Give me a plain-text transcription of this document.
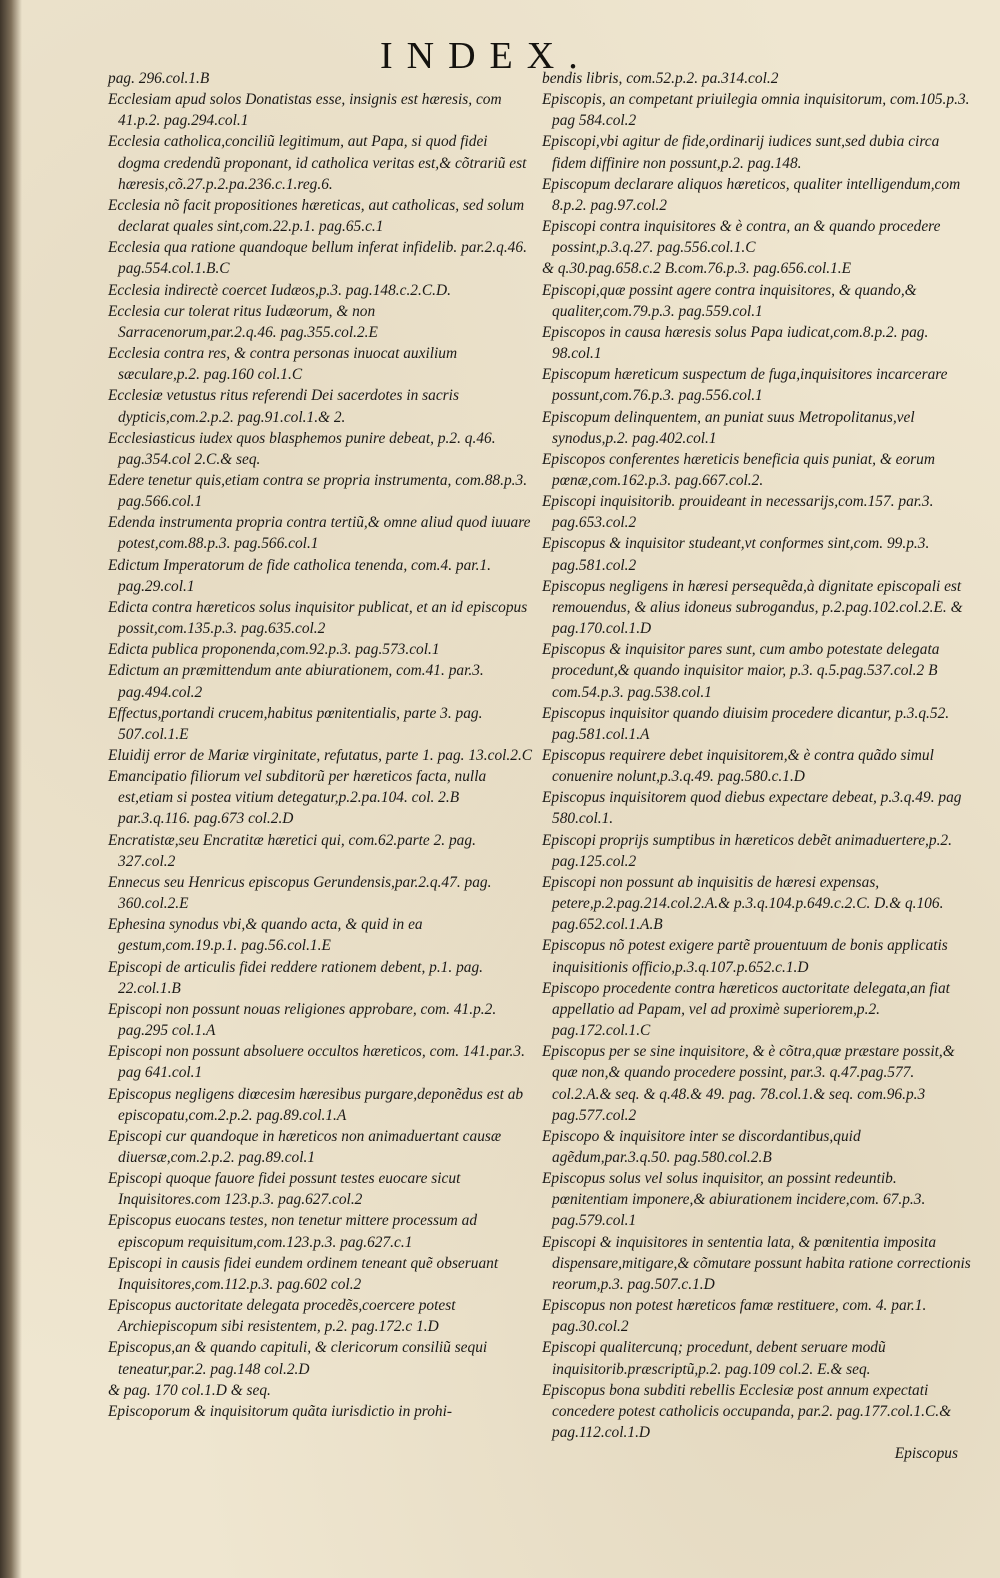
INDEX.

pag. 296.col.1.B

Ecclesiam apud solos Donatistas esse, insignis est hæresis, com 41.p.2. pag.294.col.1

Ecclesia catholica,conciliũ legitimum, aut Papa, si quod fidei dogma credendũ proponant, id catholica veritas est,& cõtrariũ est hæresis,cõ.27.p.2.pa.236.c.1.reg.6.

Ecclesia nõ facit propositiones hæreticas, aut catholicas, sed solum declarat quales sint,com.22.p.1. pag.65.c.1

Ecclesia qua ratione quandoque bellum inferat infidelib. par.2.q.46. pag.554.col.1.B.C

Ecclesia indirectè coercet Iudæos,p.3. pag.148.c.2.C.D.

Ecclesia cur tolerat ritus Iudæorum, & non Sarracenorum,par.2.q.46. pag.355.col.2.E

Ecclesia contra res, & contra personas inuocat auxilium sæculare,p.2. pag.160 col.1.C

Ecclesiæ vetustus ritus referendi Dei sacerdotes in sacris dypticis,com.2.p.2. pag.91.col.1.& 2.

Ecclesiasticus iudex quos blasphemos punire debeat, p.2. q.46. pag.354.col 2.C.& seq.

Edere tenetur quis,etiam contra se propria instrumenta, com.88.p.3. pag.566.col.1

Edenda instrumenta propria contra tertiũ,& omne aliud quod iuuare potest,com.88.p.3. pag.566.col.1

Edictum Imperatorum de fide catholica tenenda, com.4. par.1. pag.29.col.1

Edicta contra hæreticos solus inquisitor publicat, et an id episcopus possit,com.135.p.3. pag.635.col.2

Edicta publica proponenda,com.92.p.3. pag.573.col.1

Edictum an præmittendum ante abiurationem, com.41. par.3. pag.494.col.2

Effectus,portandi crucem,habitus pœnitentialis, parte 3. pag. 507.col.1.E

Eluidij error de Mariæ virginitate, refutatus, parte 1. pag. 13.col.2.C

Emancipatio filiorum vel subditorũ per hæreticos facta, nulla est,etiam si postea vitium detegatur,p.2.pa.104. col. 2.B par.3.q.116. pag.673 col.2.D

Encratistæ,seu Encratitæ hæretici qui, com.62.parte 2. pag. 327.col.2

Ennecus seu Henricus episcopus Gerundensis,par.2.q.47. pag. 360.col.2.E

Ephesina synodus vbi,& quando acta, & quid in ea gestum,com.19.p.1. pag.56.col.1.E

Episcopi de articulis fidei reddere rationem debent, p.1. pag. 22.col.1.B

Episcopi non possunt nouas religiones approbare, com. 41.p.2. pag.295 col.1.A

Episcopi non possunt absoluere occultos hæreticos, com. 141.par.3. pag 641.col.1

Episcopus negligens diœcesim hæresibus purgare,deponẽdus est ab episcopatu,com.2.p.2. pag.89.col.1.A

Episcopi cur quandoque in hæreticos non animaduertant causæ diuersæ,com.2.p.2. pag.89.col.1

Episcopi quoque fauore fidei possunt testes euocare sicut Inquisitores.com 123.p.3. pag.627.col.2

Episcopus euocans testes, non tenetur mittere processum ad episcopum requisitum,com.123.p.3. pag.627.c.1

Episcopi in causis fidei eundem ordinem teneant quẽ obseruant Inquisitores,com.112.p.3. pag.602 col.2

Episcopus auctoritate delegata procedẽs,coercere potest Archiepiscopum sibi resistentem, p.2. pag.172.c 1.D

Episcopus,an & quando capituli, & clericorum consiliũ sequi teneatur,par.2. pag.148 col.2.D

& pag. 170 col.1.D & seq.

Episcoporum & inquisitorum quãta iurisdictio in prohi-

bendis libris, com.52.p.2. pa.314.col.2

Episcopis, an competant priuilegia omnia inquisitorum, com.105.p.3. pag 584.col.2

Episcopi,vbi agitur de fide,ordinarij iudices sunt,sed dubia circa fidem diffinire non possunt,p.2. pag.148.

Episcopum declarare aliquos hæreticos, qualiter intelligendum,com 8.p.2. pag.97.col.2

Episcopi contra inquisitores & è contra, an & quando procedere possint,p.3.q.27. pag.556.col.1.C

& q.30.pag.658.c.2 B.com.76.p.3. pag.656.col.1.E

Episcopi,quæ possint agere contra inquisitores, & quando,& qualiter,com.79.p.3. pag.559.col.1

Episcopos in causa hæresis solus Papa iudicat,com.8.p.2. pag. 98.col.1

Episcopum hæreticum suspectum de fuga,inquisitores incarcerare possunt,com.76.p.3. pag.556.col.1

Episcopum delinquentem, an puniat suus Metropolitanus,vel synodus,p.2. pag.402.col.1

Episcopos conferentes hæreticis beneficia quis puniat, & eorum pœnæ,com.162.p.3. pag.667.col.2.

Episcopi inquisitorib. prouideant in necessarijs,com.157. par.3. pag.653.col.2

Episcopus & inquisitor studeant,vt conformes sint,com. 99.p.3. pag.581.col.2

Episcopus negligens in hæresi persequẽda,à dignitate episcopali est remouendus, & alius idoneus subrogandus, p.2.pag.102.col.2.E. & pag.170.col.1.D

Episcopus & inquisitor pares sunt, cum ambo potestate delegata procedunt,& quando inquisitor maior, p.3. q.5.pag.537.col.2 B com.54.p.3. pag.538.col.1

Episcopus inquisitor quando diuisim procedere dicantur, p.3.q.52. pag.581.col.1.A

Episcopus requirere debet inquisitorem,& è contra quãdo simul conuenire nolunt,p.3.q.49. pag.580.c.1.D

Episcopus inquisitorem quod diebus expectare debeat, p.3.q.49. pag 580.col.1.

Episcopi proprijs sumptibus in hæreticos debẽt animaduertere,p.2. pag.125.col.2

Episcopi non possunt ab inquisitis de hæresi expensas, petere,p.2.pag.214.col.2.A.& p.3.q.104.p.649.c.2.C. D.& q.106. pag.652.col.1.A.B

Episcopus nõ potest exigere partẽ prouentuum de bonis applicatis inquisitionis officio,p.3.q.107.p.652.c.1.D

Episcopo procedente contra hæreticos auctoritate delegata,an fiat appellatio ad Papam, vel ad proximè superiorem,p.2. pag.172.col.1.C

Episcopus per se sine inquisitore, & è cõtra,quæ præstare possit,& quæ non,& quando procedere possint, par.3. q.47.pag.577. col.2.A.& seq. & q.48.& 49. pag. 78.col.1.& seq. com.96.p.3 pag.577.col.2

Episcopo & inquisitore inter se discordantibus,quid agẽdum,par.3.q.50. pag.580.col.2.B

Episcopus solus vel solus inquisitor, an possint redeuntib. pœnitentiam imponere,& abiurationem incidere,com. 67.p.3. pag.579.col.1

Episcopi & inquisitores in sententia lata, & pœnitentia imposita dispensare,mitigare,& cõmutare possunt habita ratione correctionis reorum,p.3. pag.507.c.1.D

Episcopus non potest hæreticos famæ restituere, com. 4. par.1. pag.30.col.2

Episcopi qualitercunq; procedunt, debent seruare modũ inquisitorib.præscriptũ,p.2. pag.109 col.2. E.& seq.

Episcopus bona subditi rebellis Ecclesiæ post annum expectati concedere potest catholicis occupanda, par.2. pag.177.col.1.C.& pag.112.col.1.D

Episcopus
